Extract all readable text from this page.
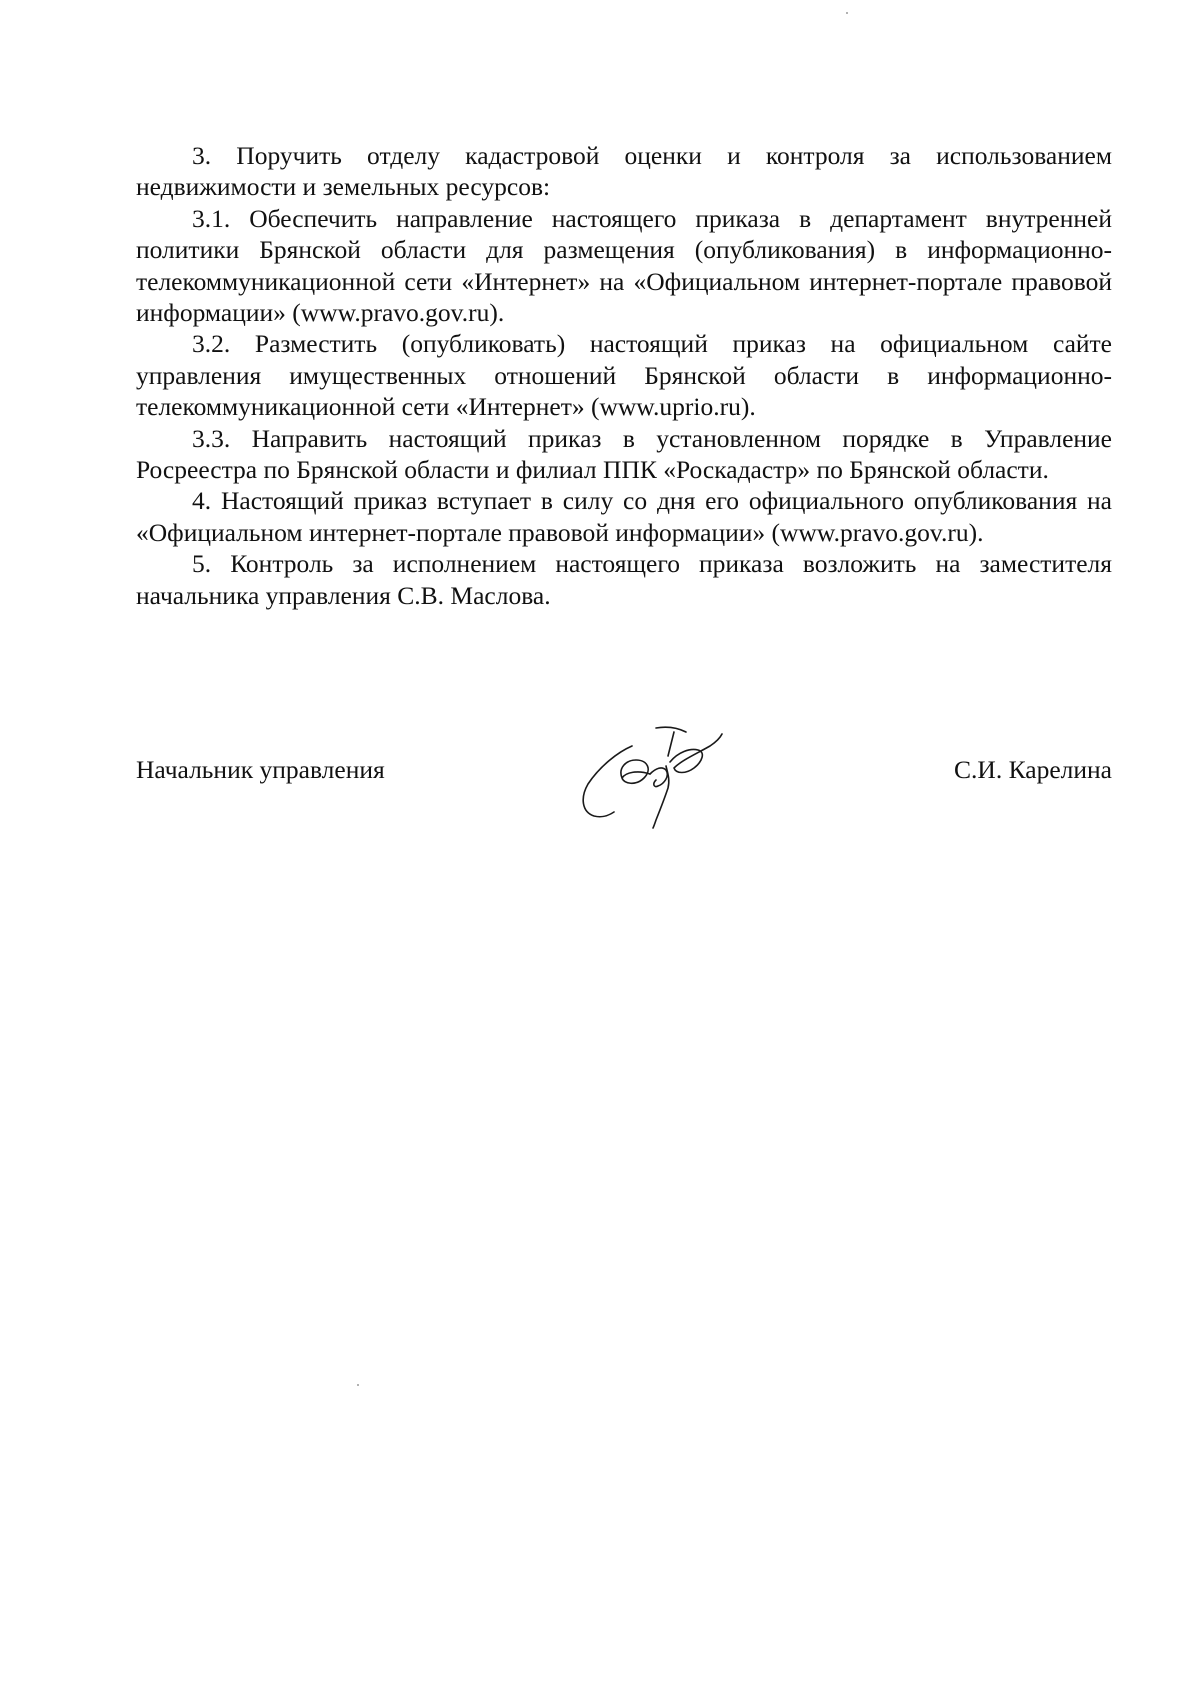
3. Поручить отделу кадастровой оценки и контроля за использованием недвижимости и земельных ресурсов:

3.1. Обеспечить направление настоящего приказа в департамент внутренней политики Брянской области для размещения (опубликования) в информационно-телекоммуникационной сети «Интернет» на «Официальном интернет-портале правовой информации» (www.pravo.gov.ru).

3.2. Разместить (опубликовать) настоящий приказ на официальном сайте управления имущественных отношений Брянской области в информационно-телекоммуникационной сети «Интернет» (www.uprio.ru).

3.3. Направить настоящий приказ в установленном порядке в Управление Росреестра по Брянской области и филиал ППК «Роскадастр» по Брянской области.

4. Настоящий приказ вступает в силу со дня его официального опубликования на «Официальном интернет-портале правовой информации» (www.pravo.gov.ru).

5. Контроль за исполнением настоящего приказа возложить на заместителя начальника управления С.В. Маслова.

Начальник управления	С.И. Карелина
